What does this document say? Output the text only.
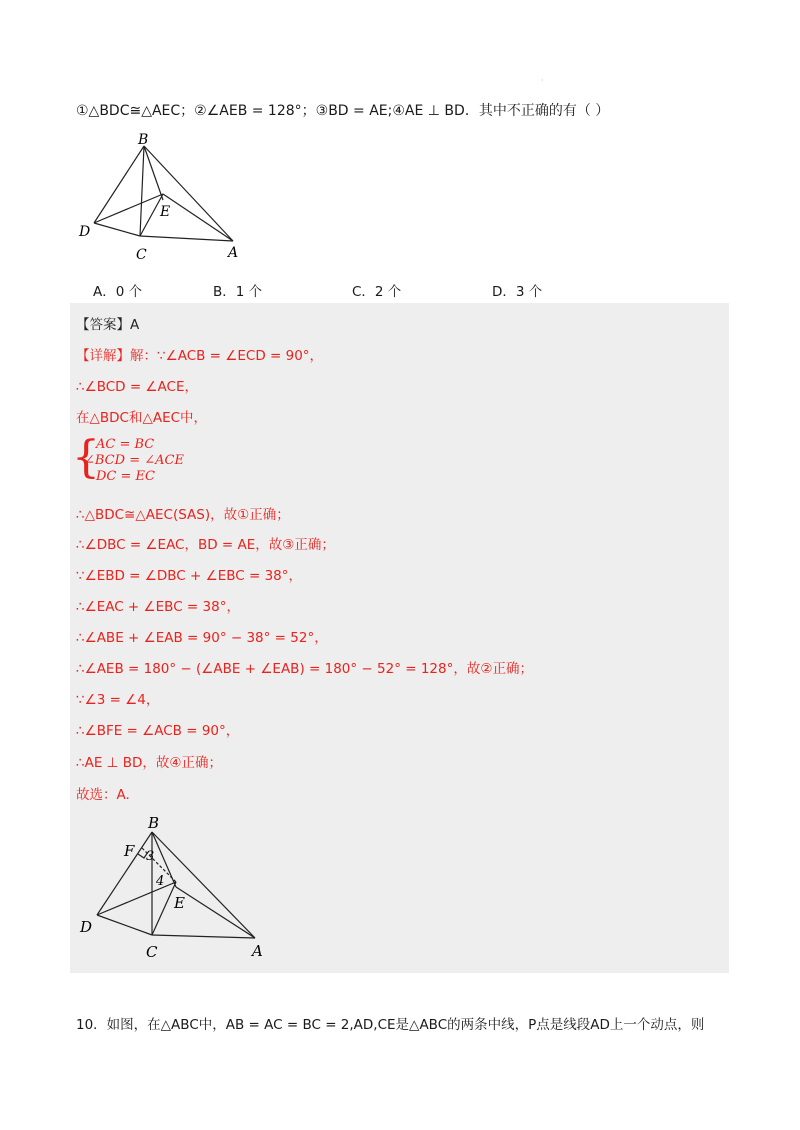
·
①△BDC≅△AEC；②∠AEB = 128°；③BD = AE;④AE ⊥ BD．其中不正确的有（ ）
B
D
E
C	A
A．0 个	B．1 个	C．2 个	D．3 个
【答案】A
【详解】解：∵∠ACB = ∠ECD = 90°，
∴∠BCD = ∠ACE，
在△BDC和△AEC中，
{
AC = BC
∠BCD = ∠ACE
DC = EC
∴△BDC≅△AEC(SAS)，故①正确；
∴∠DBC = ∠EAC，BD = AE，故③正确；
∵∠EBD = ∠DBC + ∠EBC = 38°，
∴∠EAC + ∠EBC = 38°，
∴∠ABE + ∠EAB = 90° − 38° = 52°，
∴∠AEB = 180° − (∠ABE + ∠EAB) = 180° − 52° = 128°，故②正确；
∵∠3 = ∠4，
∴∠BFE = ∠ACB = 90°，
∴AE ⊥ BD，故④正确；
故选：A.
B
F 3
4
E
D
C	A
10．如图，在△ABC中，AB = AC = BC = 2,AD,CE是△ABC的两条中线，P点是线段AD上一个动点，则
